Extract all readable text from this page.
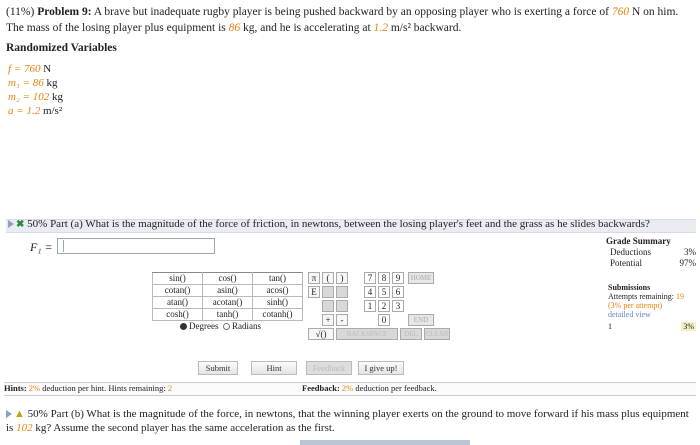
(11%) Problem 9: A brave but inadequate rugby player is being pushed backward by an opposing player who is exerting a force of 760 N on him. The mass of the losing player plus equipment is 86 kg, and he is accelerating at 1.2 m/s² backward.
Randomized Variables
f = 760 N
m₁ = 86 kg
m₂ = 102 kg
a = 1.2 m/s²
✖ 50% Part (a) What is the magnitude of the force of friction, in newtons, between the losing player's feet and the grass as he slides backwards?
F₁ =	Grade Summary
Deductions	3%
Potential	97%
Submissions
Attempts remaining: 19
(3% per attempt)
detailed view
1	3%
sin()	cos()	tan()
cotan()	asin()	acos()
atan()	acotan()	sinh()
cosh()	tanh()	cotanh()
Degrees Radians
π	(	)
E
7	8	9	HOME
4	5	6
1	2	3
+	-	0	END
√()	BACKSPACE	DEL	CLEAR
Submit	Hint	Feedback	I give up!
Hints: 2% deduction per hint. Hints remaining: 2	Feedback: 2% deduction per feedback.
▲ 50% Part (b) What is the magnitude of the force, in newtons, that the winning player exerts on the ground to move forward if his mass plus equipment is 102 kg? Assume the second player has the same acceleration as the first.
